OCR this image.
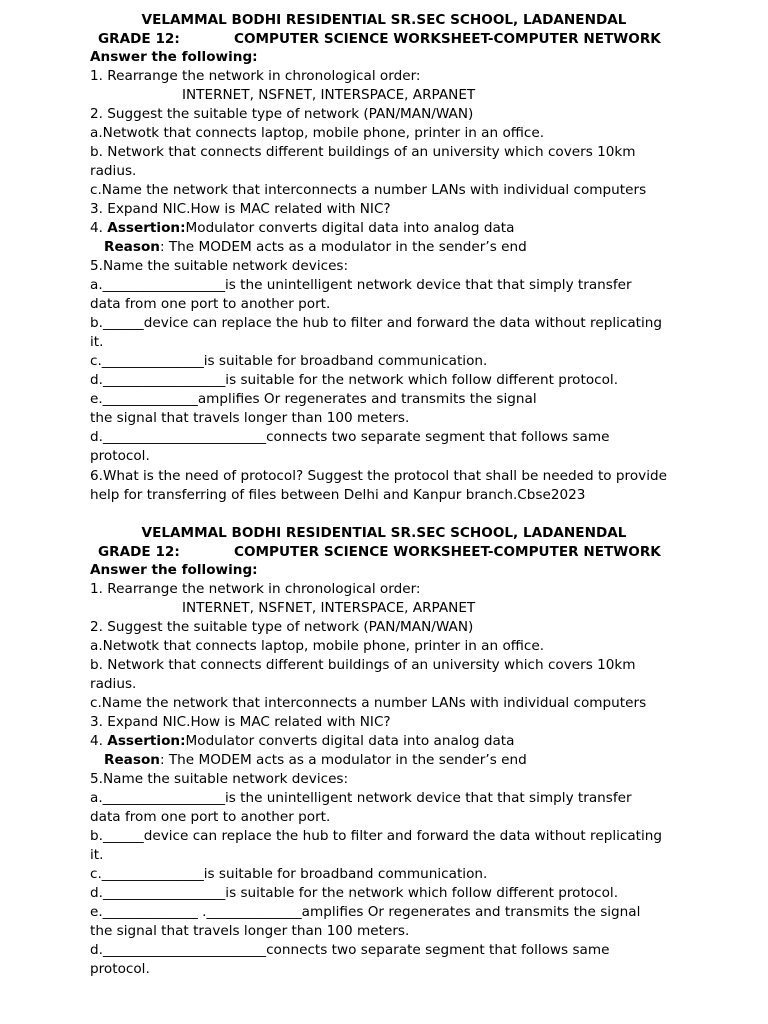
VELAMMAL BODHI RESIDENTIAL SR.SEC SCHOOL, LADANENDAL
GRADE 12:	COMPUTER SCIENCE WORKSHEET-COMPUTER NETWORK
Answer the following:
1. Rearrange the network in chronological order:
INTERNET, NSFNET, INTERSPACE, ARPANET
2. Suggest the suitable type of network (PAN/MAN/WAN)
a.Netwotk that connects laptop, mobile phone, printer in an office.
b. Network that connects different buildings of an university which covers 10km
radius.
c.Name the network that interconnects a number LANs with individual computers
3. Expand NIC.How is MAC related with NIC?
4. Assertion:Modulator converts digital data into analog data
Reason: The MODEM acts as a modulator in the sender’s end
5.Name the suitable network devices:
a.__________________is the unintelligent network device that that simply transfer
data from one port to another port.
b.______device can replace the hub to filter and forward the data without replicating
it.
c._______________is suitable for broadband communication.
d.__________________is suitable for the network which follow different protocol.
e.______________amplifies Or regenerates and transmits the signal
the signal that travels longer than 100 meters.
d.________________________connects two separate segment that follows same
protocol.
6.What is the need of protocol? Suggest the protocol that shall be needed to provide
help for transferring of files between Delhi and Kanpur branch.Cbse2023
VELAMMAL BODHI RESIDENTIAL SR.SEC SCHOOL, LADANENDAL
GRADE 12:	COMPUTER SCIENCE WORKSHEET-COMPUTER NETWORK
Answer the following:
1. Rearrange the network in chronological order:
INTERNET, NSFNET, INTERSPACE, ARPANET
2. Suggest the suitable type of network (PAN/MAN/WAN)
a.Netwotk that connects laptop, mobile phone, printer in an office.
b. Network that connects different buildings of an university which covers 10km
radius.
c.Name the network that interconnects a number LANs with individual computers
3. Expand NIC.How is MAC related with NIC?
4. Assertion:Modulator converts digital data into analog data
Reason: The MODEM acts as a modulator in the sender’s end
5.Name the suitable network devices:
a.__________________is the unintelligent network device that that simply transfer
data from one port to another port.
b.______device can replace the hub to filter and forward the data without replicating
it.
c._______________is suitable for broadband communication.
d.__________________is suitable for the network which follow different protocol.
e.______________ .______________amplifies Or regenerates and transmits the signal
the signal that travels longer than 100 meters.
d.________________________connects two separate segment that follows same
protocol.
